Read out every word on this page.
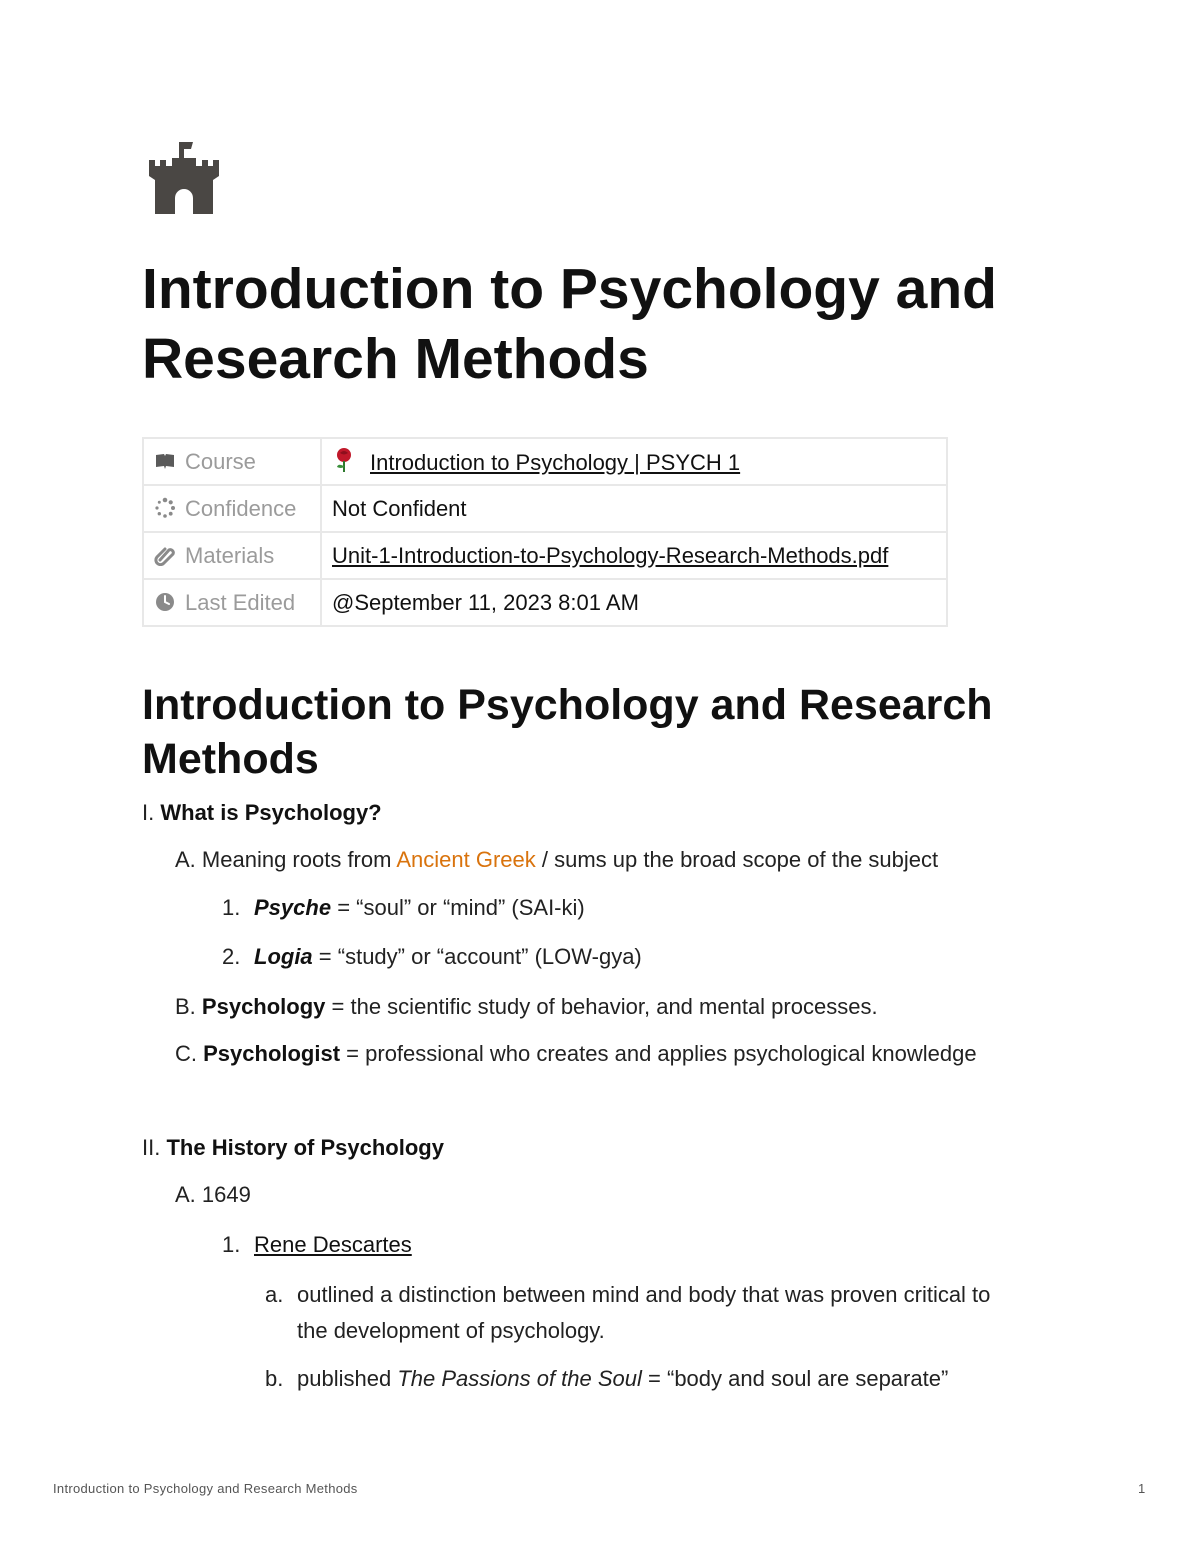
Introduction to Psychology and Research Methods
Course	Introduction to Psychology | PSYCH 1
Confidence	Not Confident
Materials	Unit-1-Introduction-to-Psychology-Research-Methods.pdf
Last Edited	@September 11, 2023 8:01 AM
Introduction to Psychology and Research Methods
I. What is Psychology?
A. Meaning roots from Ancient Greek / sums up the broad scope of the subject
1. Psyche = “soul” or “mind” (SAI-ki)
2. Logia = “study” or “account” (LOW-gya)
B. Psychology = the scientific study of behavior, and mental processes.
C. Psychologist = professional who creates and applies psychological knowledge
II. The History of Psychology
A. 1649
1. Rene Descartes
a. outlined a distinction between mind and body that was proven critical to
the development of psychology.
b. published The Passions of the Soul = “body and soul are separate”
Introduction to Psychology and Research Methods	1
